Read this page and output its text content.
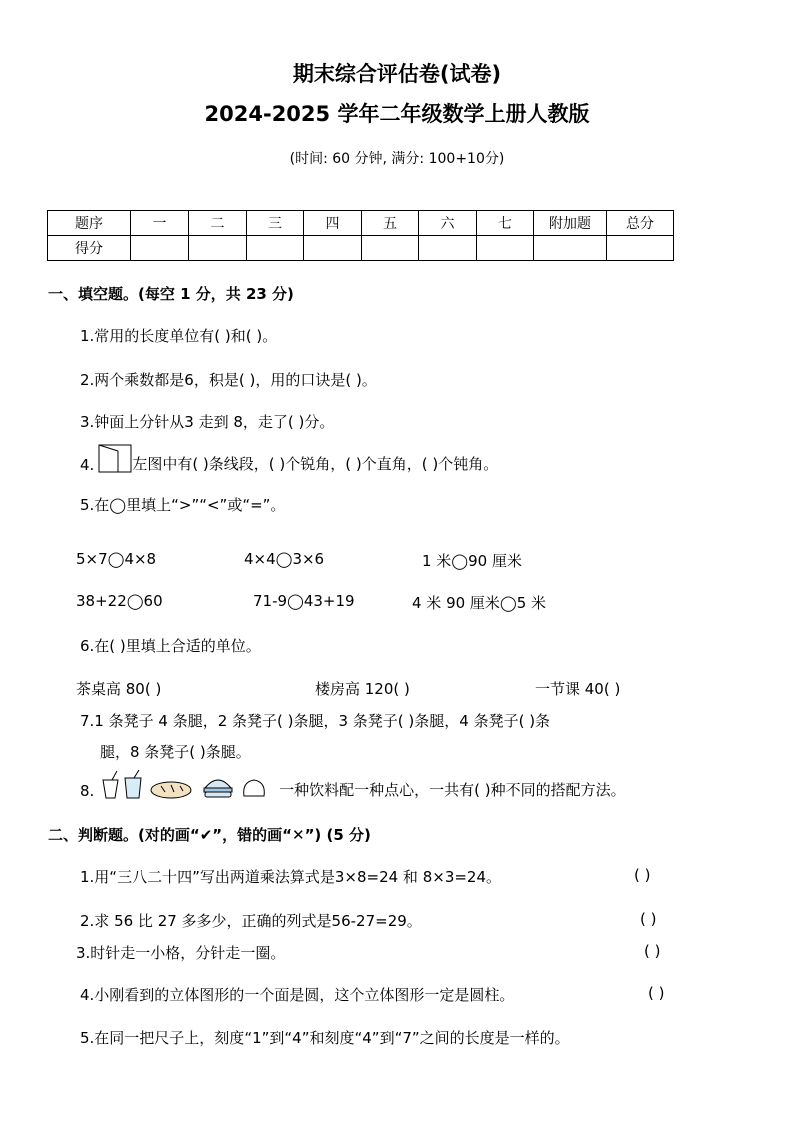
期末综合评估卷(试卷)
2024-2025 学年二年级数学上册人教版
(时间: 60 分钟, 满分: 100+10分)
题序	一	二	三	四	五	六	七	附加题	总分
得分									
一、填空题。(每空 1 分，共 23 分)
1.常用的长度单位有( )和( )。
2.两个乘数都是6，积是( )，用的口诀是( )。
3.钟面上分针从3 走到 8，走了( )分。
4.	左图中有( )条线段，( )个锐角，( )个直角，( )个钝角。
5.在◯里填上“>”“<”或“=”。
5×7◯4×8	4×4◯3×6	1 米◯90 厘米
38+22◯60	71-9◯43+19	4 米 90 厘米◯5 米
6.在( )里填上合适的单位。
茶桌高 80( )	楼房高 120( )	一节课 40( )
7.1 条凳子 4 条腿，2 条凳子( )条腿，3 条凳子( )条腿，4 条凳子( )条
腿，8 条凳子( )条腿。
8.	一种饮料配一种点心，一共有( )种不同的搭配方法。
二、判断题。(对的画“✔”，错的画“✕”) (5 分)
1.用“三八二十四”写出两道乘法算式是3×8=24 和 8×3=24。	( )
2.求 56 比 27 多多少，正确的列式是56-27=29。	( )
3.时针走一小格，分针走一圈。	( )
4.小刚看到的立体图形的一个面是圆，这个立体图形一定是圆柱。	( )
5.在同一把尺子上，刻度“1”到“4”和刻度“4”到“7”之间的长度是一样的。
